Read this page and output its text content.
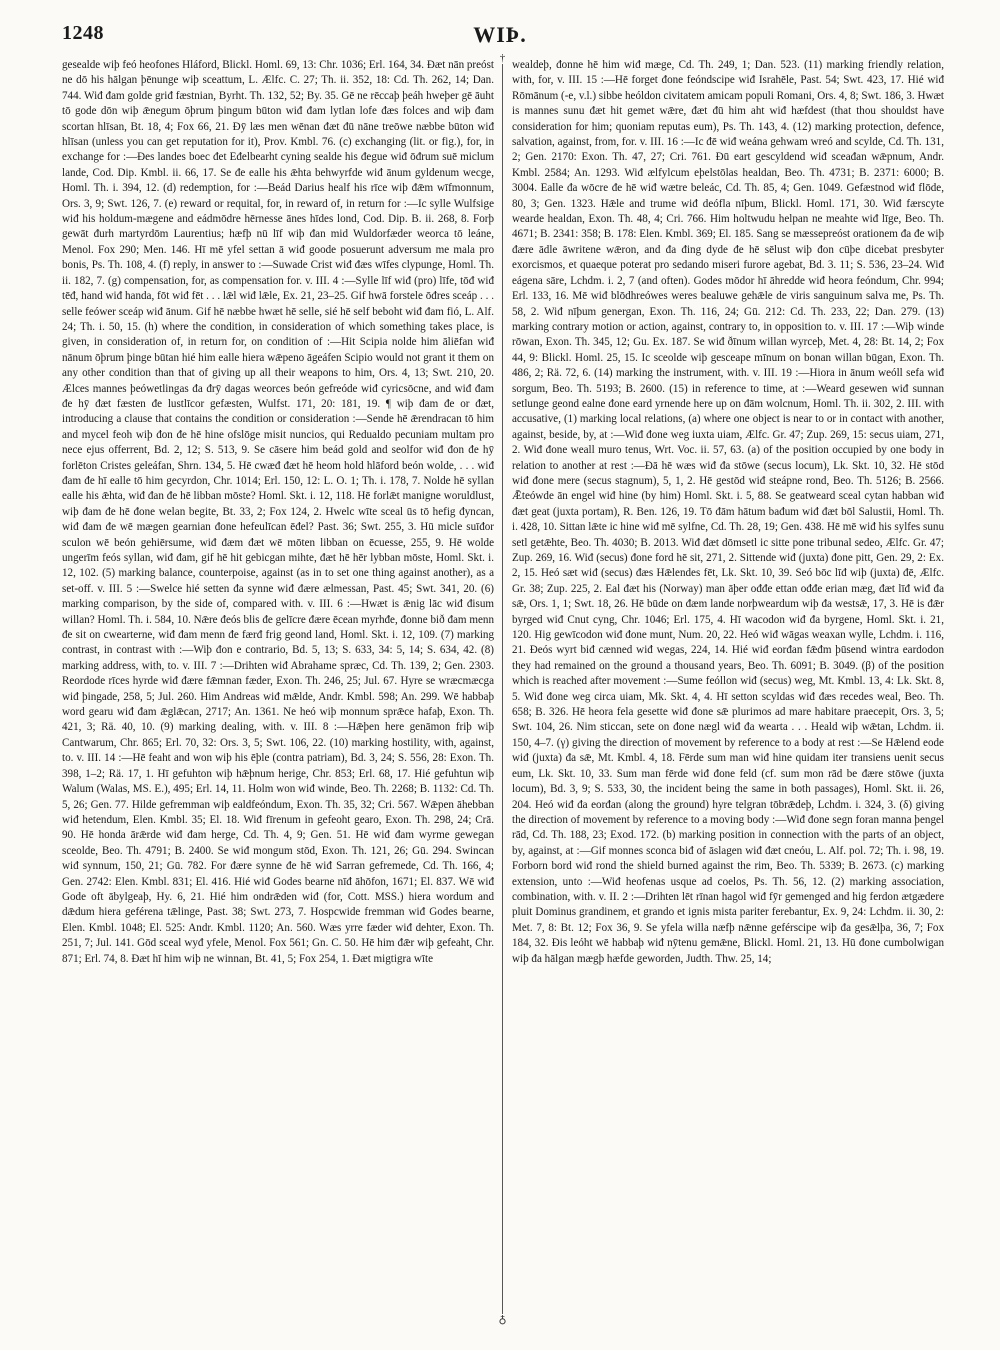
1248	WIÞ.

gesealde wiþ feó heofones Hláford, Blickl. Homl. 69, 13: Chr. 1036; Erl. 164, 34. Ðæt nān preóst ne dō his hālgan þēnunge wiþ sceattum, L. Ælfc. C. 27; Th. ii. 352, 18: Cd. Th. 262, 14; Dan. 744. Wiđ đam golde griđ fæstnian, Byrht. Th. 132, 52; By. 35. Gē ne rēccaþ þeáh hweþer gē āuht tō gode dōn wiþ ǣnegum ōþrum þingum būton wiđ đam lytlan lofe đæs folces and wiþ đam scortan hlīsan, Bt. 18, 4; Fox 66, 21. Ðȳ læs men wēnan đæt đū nāne treōwe næbbe būton wiđ hlīsan (unless you can get reputation for it), Prov. Kmbl. 76. (c) exchanging (lit. or fig.), for, in exchange for :—Ðes landes boec đet Eđelbearht cyning sealde his đegue wiđ ōđrum suē miclum lande, Cod. Dip. Kmbl. ii. 66, 17. Se đe ealle his ǣhta behwyrfde wiđ ānum gyldenum wecge, Homl. Th. i. 394, 12. (d) redemption, for :—Beád Darius healf his rīce wiþ đǣm wīfmonnum, Ors. 3, 9; Swt. 126, 7. (e) reward or requital, for, in reward of, in return for :—Ic sylle Wulfsige wiđ his holdum-mægene and eádmōdre hērnesse ānes hīdes lond, Cod. Dip. B. ii. 268, 8. Forþ gewāt đurh martyrdōm Laurentius; hæfþ nū līf wiþ đan mid Wuldorfæder weorca tō leáne, Menol. Fox 290; Men. 146. Hī mē yfel settan ā wiđ goode posuerunt adversum me mala pro bonis, Ps. Th. 108, 4. (f) reply, in answer to :—Suwade Crist wiđ đæs wīfes clypunge, Homl. Th. ii. 182, 7. (g) compensation, for, as compensation for. v. III. 4 :—Sylle līf wiđ (pro) līfe, tōđ wiđ tēđ, hand wiđ handa, fōt wiđ fēt . . . lǣl wiđ lǣle, Ex. 21, 23–25. Gif hwā forstele ōđres sceáp . . . selle feówer sceáp wiđ ānum. Gif hē næbbe hwæt hē selle, sié hē self beboht wiđ đam fió, L. Alf. 24; Th. i. 50, 15. (h) where the condition, in consideration of which something takes place, is given, in consideration of, in return for, on condition of :—Hit Scipia nolde him āliēfan wiđ nānum ōþrum þinge būtan hié him ealle hiera wǣpeno āgeáfen Scipio would not grant it them on any other condition than that of giving up all their weapons to him, Ors. 4, 13; Swt. 210, 20. Ælces mannes þeówetlingas đa đrȳ dagas weorces beón gefreóde wiđ cyricsōcne, and wiđ đam đe hȳ đæt fæsten đe lustlīcor gefæsten, Wulfst. 171, 20: 181, 19. ¶ wiþ đam đe or đæt, introducing a clause that contains the condition or consideration :—Sende hē ǣrendracan tō him and mycel feoh wiþ đon đe hē hine ofslōge misit nuncios, qui Redualdo pecuniam multam pro nece ejus offerrent, Bd. 2, 12; S. 513, 9. Se cāsere him beád gold and seolfor wiđ đon đe hȳ forlēton Cristes geleáfan, Shrn. 134, 5. Hē cwæđ đæt hē heom hold hlāford beón wolde, . . . wiđ đam đe hī ealle tō him gecyrdon, Chr. 1014; Erl. 150, 12: L. O. 1; Th. i. 178, 7. Nolde hē syllan ealle his ǣhta, wiđ đan đe hē libban mōste? Homl. Skt. i. 12, 118. Hē forlǣt manigne woruldlust, wiþ đam đe hē đone welan begite, Bt. 33, 2; Fox 124, 2. Hwelc wīte sceal ūs tō hefig đyncan, wiđ đam đe wē mægen gearnian đone hefeulīcan ēđel? Past. 36; Swt. 255, 3. Hū micle suīđor sculon wē beón gehiērsume, wiđ đæm đæt wē mōten libban on ēcuesse, 255, 9. Hē wolde ungerīm feós syllan, wiđ đam, gif hē hit gebicgan mihte, đæt hē hēr lybban mōste, Homl. Skt. i. 12, 102. (5) marking balance, counterpoise, against (as in to set one thing against another), as a set-off. v. III. 5 :—Swelce hié setten đa synne wiđ đære ælmessan, Past. 45; Swt. 341, 20. (6) marking comparison, by the side of, compared with. v. III. 6 :—Hwæt is ǣnig lāc wiđ đisum willan? Homl. Th. i. 584, 10. Nǣre đeós blis đe gelīcre đære ēcean myrhđe, đonne bið đam menn đe sit on cwearterne, wiđ đam menn đe færđ frig geond land, Homl. Skt. i. 12, 109. (7) marking contrast, in contrast with :—Wiþ đon e contrario, Bd. 5, 13; S. 633, 34: 5, 14; S. 634, 42. (8) marking address, with, to. v. III. 7 :—Drihten wiđ Abrahame spræc, Cd. Th. 139, 2; Gen. 2303. Reordode rīces hyrde wiđ đære fǣmnan fæder, Exon. Th. 246, 25; Jul. 67. Hyre se wræcmæcga wiđ þingade, 258, 5; Jul. 260. Him Andreas wiđ mǣlde, Andr. Kmbl. 598; An. 299. Wē habbaþ word gearu wiđ đam ǣglǣcan, 2717; An. 1361. Ne heó wiþ monnum sprǣce hafaþ, Exon. Th. 421, 3; Rä. 40, 10. (9) marking dealing, with. v. III. 8 :—Hǣþen here genāmon friþ wiþ Cantwarum, Chr. 865; Erl. 70, 32: Ors. 3, 5; Swt. 106, 22. (10) marking hostility, with, against, to. v. III. 14 :—Hē feaht and won wiþ his ēþle (contra patriam), Bd. 3, 24; S. 556, 28: Exon. Th. 398, 1–2; Rä. 17, 1. Hī gefuhton wiþ hǣþnum herige, Chr. 853; Erl. 68, 17. Hié gefuhtun wiþ Walum (Walas, MS. E.), 495; Erl. 14, 11. Holm won wiđ winde, Beo. Th. 2268; B. 1132: Cd. Th. 5, 26; Gen. 77. Hilde gefremman wiþ ealdfeóndum, Exon. Th. 35, 32; Cri. 567. Wǣpen āhebban wiđ hetendum, Elen. Kmbl. 35; El. 18. Wiđ fīrenum in gefeoht gearo, Exon. Th. 298, 24; Crā. 90. Hē honda ārǣrde wiđ đam herge, Cd. Th. 4, 9; Gen. 51. Hē wiđ đam wyrme gewegan sceolde, Beo. Th. 4791; B. 2400. Se wiđ mongum stōd, Exon. Th. 121, 26; Gū. 294. Swincan wiđ synnum, 150, 21; Gū. 782. For đære synne đe hē wiđ Sarran gefremede, Cd. Th. 166, 4; Gen. 2742: Elen. Kmbl. 831; El. 416. Hié wiđ Godes bearne nīđ āhōfon, 1671; El. 837. Wē wiđ Gode oft ābylgeaþ, Hy. 6, 21. Hié him ondrǣden wiđ (for, Cott. MSS.) hiera wordum and dǣdum hiera geférena tǣlinge, Past. 38; Swt. 273, 7. Hospcwide fremman wiđ Godes bearne, Elen. Kmbl. 1048; El. 525: Andr. Kmbl. 1120; An. 560. Wæs yrre fæder wiđ dehter, Exon. Th. 251, 7; Jul. 141. Gōd sceal wyđ yfele, Menol. Fox 561; Gn. C. 50. Hē him đǣr wiþ gefeaht, Chr. 871; Erl. 74, 8. Ðæt hī him wiþ ne winnan, Bt. 41, 5; Fox 254, 1. Ðæt migtigra wīte

†
♁

wealdeþ, đonne hē him wiđ mæge, Cd. Th. 249, 1; Dan. 523. (11) marking friendly relation, with, for, v. III. 15 :—Hē forget đone feóndscipe wiđ Israhēle, Past. 54; Swt. 423, 17. Hié wiđ Rōmānum (-e, v.l.) sibbe heóldon civitatem amicam populi Romani, Ors. 4, 8; Swt. 186, 3. Hwæt is mannes sunu đæt hit gemet wǣre, đæt đū him aht wiđ hæfdest (that thou shouldst have consideration for him; quoniam reputas eum), Ps. Th. 143, 4. (12) marking protection, defence, salvation, against, from, for. v. III. 16 :—Ic đē wiđ weána gehwam wreó and scylde, Cd. Th. 131, 2; Gen. 2170: Exon. Th. 47, 27; Cri. 761. Ðū eart gescyldend wiđ sceađan wǣpnum, Andr. Kmbl. 2584; An. 1293. Wiđ ælfylcum eþelstōlas healdan, Beo. Th. 4731; B. 2371: 6000; B. 3004. Ealle đa wōcre đe hē wiđ wætre beleác, Cd. Th. 85, 4; Gen. 1049. Gefæstnod wiđ flōde, 80, 3; Gen. 1323. Hǣle and trume wiđ deófla nīþum, Blickl. Homl. 171, 30. Wiđ færscyte wearde healdan, Exon. Th. 48, 4; Cri. 766. Him holtwudu helpan ne meahte wiđ līge, Beo. Th. 4671; B. 2341: 358; B. 178: Elen. Kmbl. 369; El. 185. Sang se mæssepreóst orationem đa đe wiþ đære ādle āwritene wǣron, and đa đing dyde đe hē sēlust wiþ đon cūþe dicebat presbyter exorcismos, et quaeque poterat pro sedando miseri furore agebat, Bd. 3. 11; S. 536, 23–24. Wiđ eágena sāre, Lchdm. i. 2, 7 (and often). Godes mōdor hī āhredde wiđ heora feóndum, Chr. 994; Erl. 133, 16. Mē wiđ blōdhreówes weres bealuwe gehǣle de viris sanguinum salva me, Ps. Th. 58, 2. Wiđ nīþum genergan, Exon. Th. 116, 24; Gū. 212: Cd. Th. 233, 22; Dan. 279. (13) marking contrary motion or action, against, contrary to, in opposition to. v. III. 17 :—Wiþ winde rōwan, Exon. Th. 345, 12; Gu. Ex. 187. Se wiđ ðīnum willan wyrceþ, Met. 4, 28: Bt. 14, 2; Fox 44, 9: Blickl. Homl. 25, 15. Ic sceolde wiþ gesceape mīnum on bonan willan būgan, Exon. Th. 486, 2; Rä. 72, 6. (14) marking the instrument, with. v. III. 19 :—Hiora in ānum weóll sefa wiđ sorgum, Beo. Th. 5193; B. 2600. (15) in reference to time, at :—Weard gesewen wiđ sunnan setlunge geond ealne đone eard yrnende here up on đām wolcnum, Homl. Th. ii. 302, 2. III. with accusative, (1) marking local relations, (a) where one object is near to or in contact with another, against, beside, by, at :—Wiđ đone weg iuxta uiam, Ælfc. Gr. 47; Zup. 269, 15: secus uiam, 271, 2. Wiđ đone weall muro tenus, Wrt. Voc. ii. 57, 63. (a) of the position occupied by one body in relation to another at rest :—Ðā hē wæs wiđ đa stōwe (secus locum), Lk. Skt. 10, 32. Hē stōd wiđ đone mere (secus stagnum), 5, 1, 2. Hē gestōd wiđ steápne rond, Beo. Th. 5126; B. 2566. Ǣteówde ān engel wiđ hine (by him) Homl. Skt. i. 5, 88. Se geatweard sceal cytan habban wiđ đæt geat (juxta portam), R. Ben. 126, 19. Tō đām hātum bađum wiđ đæt bōl Salustii, Homl. Th. i. 428, 10. Sittan lǣte ic hine wiđ mē sylfne, Cd. Th. 28, 19; Gen. 438. Hē mē wiđ his sylfes sunu setl getǣhte, Beo. Th. 4030; B. 2013. Wiđ đæt dōmsetl ic sitte pone tribunal sedeo, Ælfc. Gr. 47; Zup. 269, 16. Wiđ (secus) đone ford hē sit, 271, 2. Sittende wiđ (juxta) đone pitt, Gen. 29, 2: Ex. 2, 15. Heó sæt wiđ (secus) đæs Hǣlendes fēt, Lk. Skt. 10, 39. Seó bōc līđ wiþ (juxta) đē, Ælfc. Gr. 38; Zup. 225, 2. Eal đæt his (Norway) man āþer ođđe ettan ođđe erian mæg, đæt līđ wiđ đa sǣ, Ors. 1, 1; Swt. 18, 26. Hē būde on đæm lande norþweardum wiþ đa westsǣ, 17, 3. Hē is đǣr byrged wiđ Cnut cyng, Chr. 1046; Erl. 175, 4. Hī wacodon wiđ đa byrgene, Homl. Skt. i. 21, 120. Hig gewīcodon wiđ đone munt, Num. 20, 22. Heó wiđ wāgas weaxan wylle, Lchdm. i. 116, 21. Ðeós wyrt biđ cænned wiđ wegas, 224, 14. Hié wiđ eorđan fǣđm þūsend wintra eardodon they had remained on the ground a thousand years, Beo. Th. 6091; B. 3049. (β) of the position which is reached after movement :—Sume feóllon wiđ (secus) weg, Mt. Kmbl. 13, 4: Lk. Skt. 8, 5. Wiđ đone weg circa uiam, Mk. Skt. 4, 4. Hī setton scyldas wiđ đæs recedes weal, Beo. Th. 658; B. 326. Hē heora fela gesette wiđ đone sǣ plurimos ad mare habitare praecepit, Ors. 3, 5; Swt. 104, 26. Nim sticcan, sete on đone nægl wiđ đa wearta . . . Heald wiþ wǣtan, Lchdm. ii. 150, 4–7. (γ) giving the direction of movement by reference to a body at rest :—Se Hǣlend eode wiđ (juxta) đa sǣ, Mt. Kmbl. 4, 18. Fērde sum man wiđ hine quidam iter transiens uenit secus eum, Lk. Skt. 10, 33. Sum man fērde wiđ đone feld (cf. sum mon rād be đære stōwe (juxta locum), Bd. 3, 9; S. 533, 30, the incident being the same in both passages), Homl. Skt. ii. 26, 204. Heó wiđ đa eorđan (along the ground) hyre telgran tōbrǣdeþ, Lchdm. i. 324, 3. (δ) giving the direction of movement by reference to a moving body :—Wiđ đone segn foran manna þengel rād, Cd. Th. 188, 23; Exod. 172. (b) marking position in connection with the parts of an object, by, against, at :—Gif monnes sconca biđ of āslagen wiđ đæt cneóu, L. Alf. pol. 72; Th. i. 98, 19. Forborn bord wiđ rond the shield burned against the rim, Beo. Th. 5339; B. 2673. (c) marking extension, unto :—Wiđ heofenas usque ad coelos, Ps. Th. 56, 12. (2) marking association, combination, with. v. II. 2 :—Drihten lēt rīnan hagol wiđ fȳr gemenged and hig ferdon ætgædere pluit Dominus grandinem, et grando et ignis mista pariter ferebantur, Ex. 9, 24: Lchdm. ii. 30, 2: Met. 7, 8: Bt. 12; Fox 36, 9. Se yfela willa næfþ nǣnne geférscipe wiþ đa gesǣlþa, 36, 7; Fox 184, 32. Ðis leóht wē habbaþ wiđ nȳtenu gemǣne, Blickl. Homl. 21, 13. Hū đone cumbolwigan wiþ đa hālgan mægþ hæfde geworden, Judth. Thw. 25, 14;
